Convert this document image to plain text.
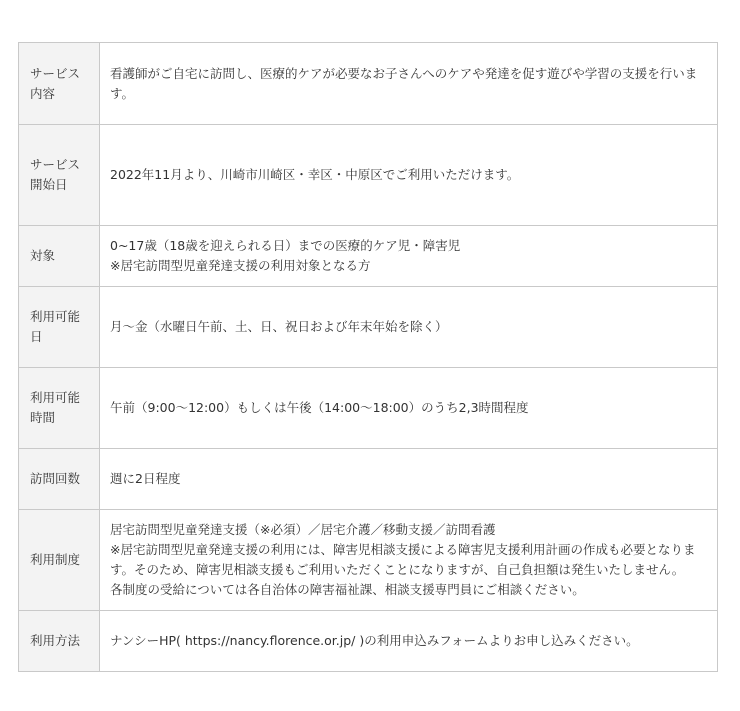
サービス内容	看護師がご自宅に訪問し、医療的ケアが必要なお子さんへのケアや発達を促す遊びや学習の支援を行います。

サービス開始日	2022年11月より、川崎市川崎区・幸区・中原区でご利用いただけます。

対象	0~17歳（18歳を迎えられる日）までの医療的ケア児・障害児
※居宅訪問型児童発達支援の利用対象となる方

利用可能日	月～金（水曜日午前、土、日、祝日および年末年始を除く）

利用可能時間	午前（9:00～12:00）もしくは午後（14:00～18:00）のうち2,3時間程度

訪問回数	週に2日程度

利用制度	居宅訪問型児童発達支援（※必須）／居宅介護／移動支援／訪問看護
※居宅訪問型児童発達支援の利用には、障害児相談支援による障害児支援利用計画の作成も必要となります。そのため、障害児相談支援もご利用いただくことになりますが、自己負担額は発生いたしません。
各制度の受給については各自治体の障害福祉課、相談支援専門員にご相談ください。

利用方法	ナンシーHP( https://nancy.florence.or.jp/ )の利用申込みフォームよりお申し込みください。
